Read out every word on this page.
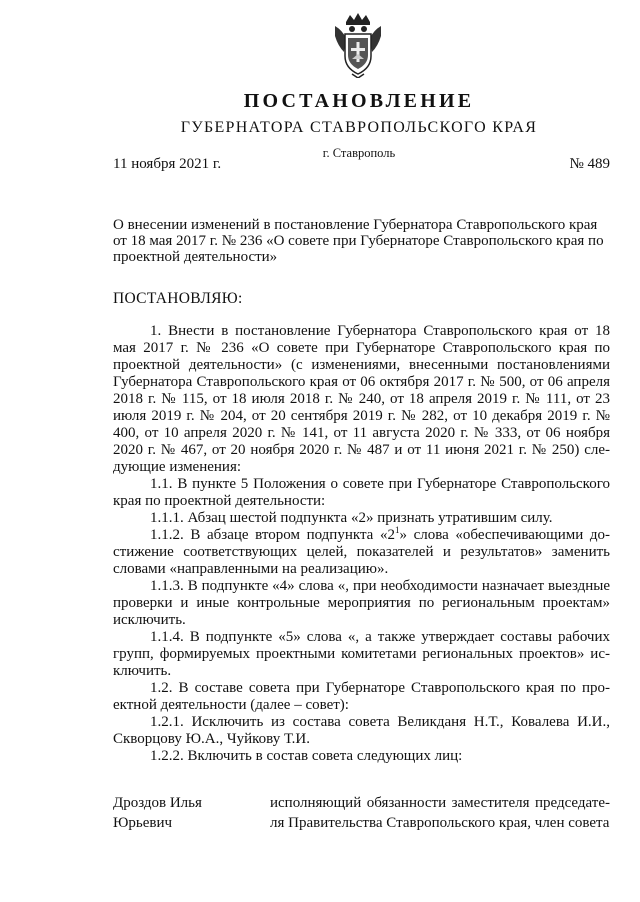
ПОСТАНОВЛЕНИЕ
ГУБЕРНАТОРА СТАВРОПОЛЬСКОГО КРАЯ
г. Ставрополь
11 ноября 2021 г.	№ 489
О внесении изменений в постановление Губернатора Ставропольского края от 18 мая 2017 г. № 236 «О совете при Губернаторе Ставропольского края по проектной деятельности»
ПОСТАНОВЛЯЮ:

1. Внести в постановление Губернатора Ставропольского края от 18 мая 2017 г. № 236 «О совете при Губернаторе Ставропольского края по проектной деятельности» (с изменениями, внесенными постановлениями Губернатора Ставропольского края от 06 октября 2017 г. № 500, от 06 апреля 2018 г. № 115, от 18 июля 2018 г. № 240, от 18 апреля 2019 г. № 111, от 23 июля 2019 г. № 204, от 20 сентября 2019 г. № 282, от 10 декабря 2019 г. № 400, от 10 апреля 2020 г. № 141, от 11 августа 2020 г. № 333, от 06 ноября 2020 г. № 467, от 20 ноября 2020 г. № 487 и от 11 июня 2021 г. № 250) следующие изменения:

1.1. В пункте 5 Положения о совете при Губернаторе Ставропольского края по проектной деятельности:

1.1.1. Абзац шестой подпункта «2» признать утратившим силу.

1.1.2. В абзаце втором подпункта «$2^1$» слова «обеспечивающими достижение соответствующих целей, показателей и результатов» заменить словами «направленными на реализацию».

1.1.3. В подпункте «4» слова «, при необходимости назначает выездные проверки и иные контрольные мероприятия по региональным проектам» исключить.

1.1.4. В подпункте «5» слова «, а также утверждает составы рабочих групп, формируемых проектными комитетами региональных проектов» исключить.

1.2. В составе совета при Губернаторе Ставропольского края по проектной деятельности (далее – совет):

1.2.1. Исключить из состава совета Великданя Н.Т., Ковалева И.И., Скворцову Ю.А., Чуйкову Т.И.

1.2.2. Включить в состав совета следующих лиц:

Дроздов Илья
Юрьевич
исполняющий обязанности заместителя председате-
ля Правительства Ставропольского края, член совета
